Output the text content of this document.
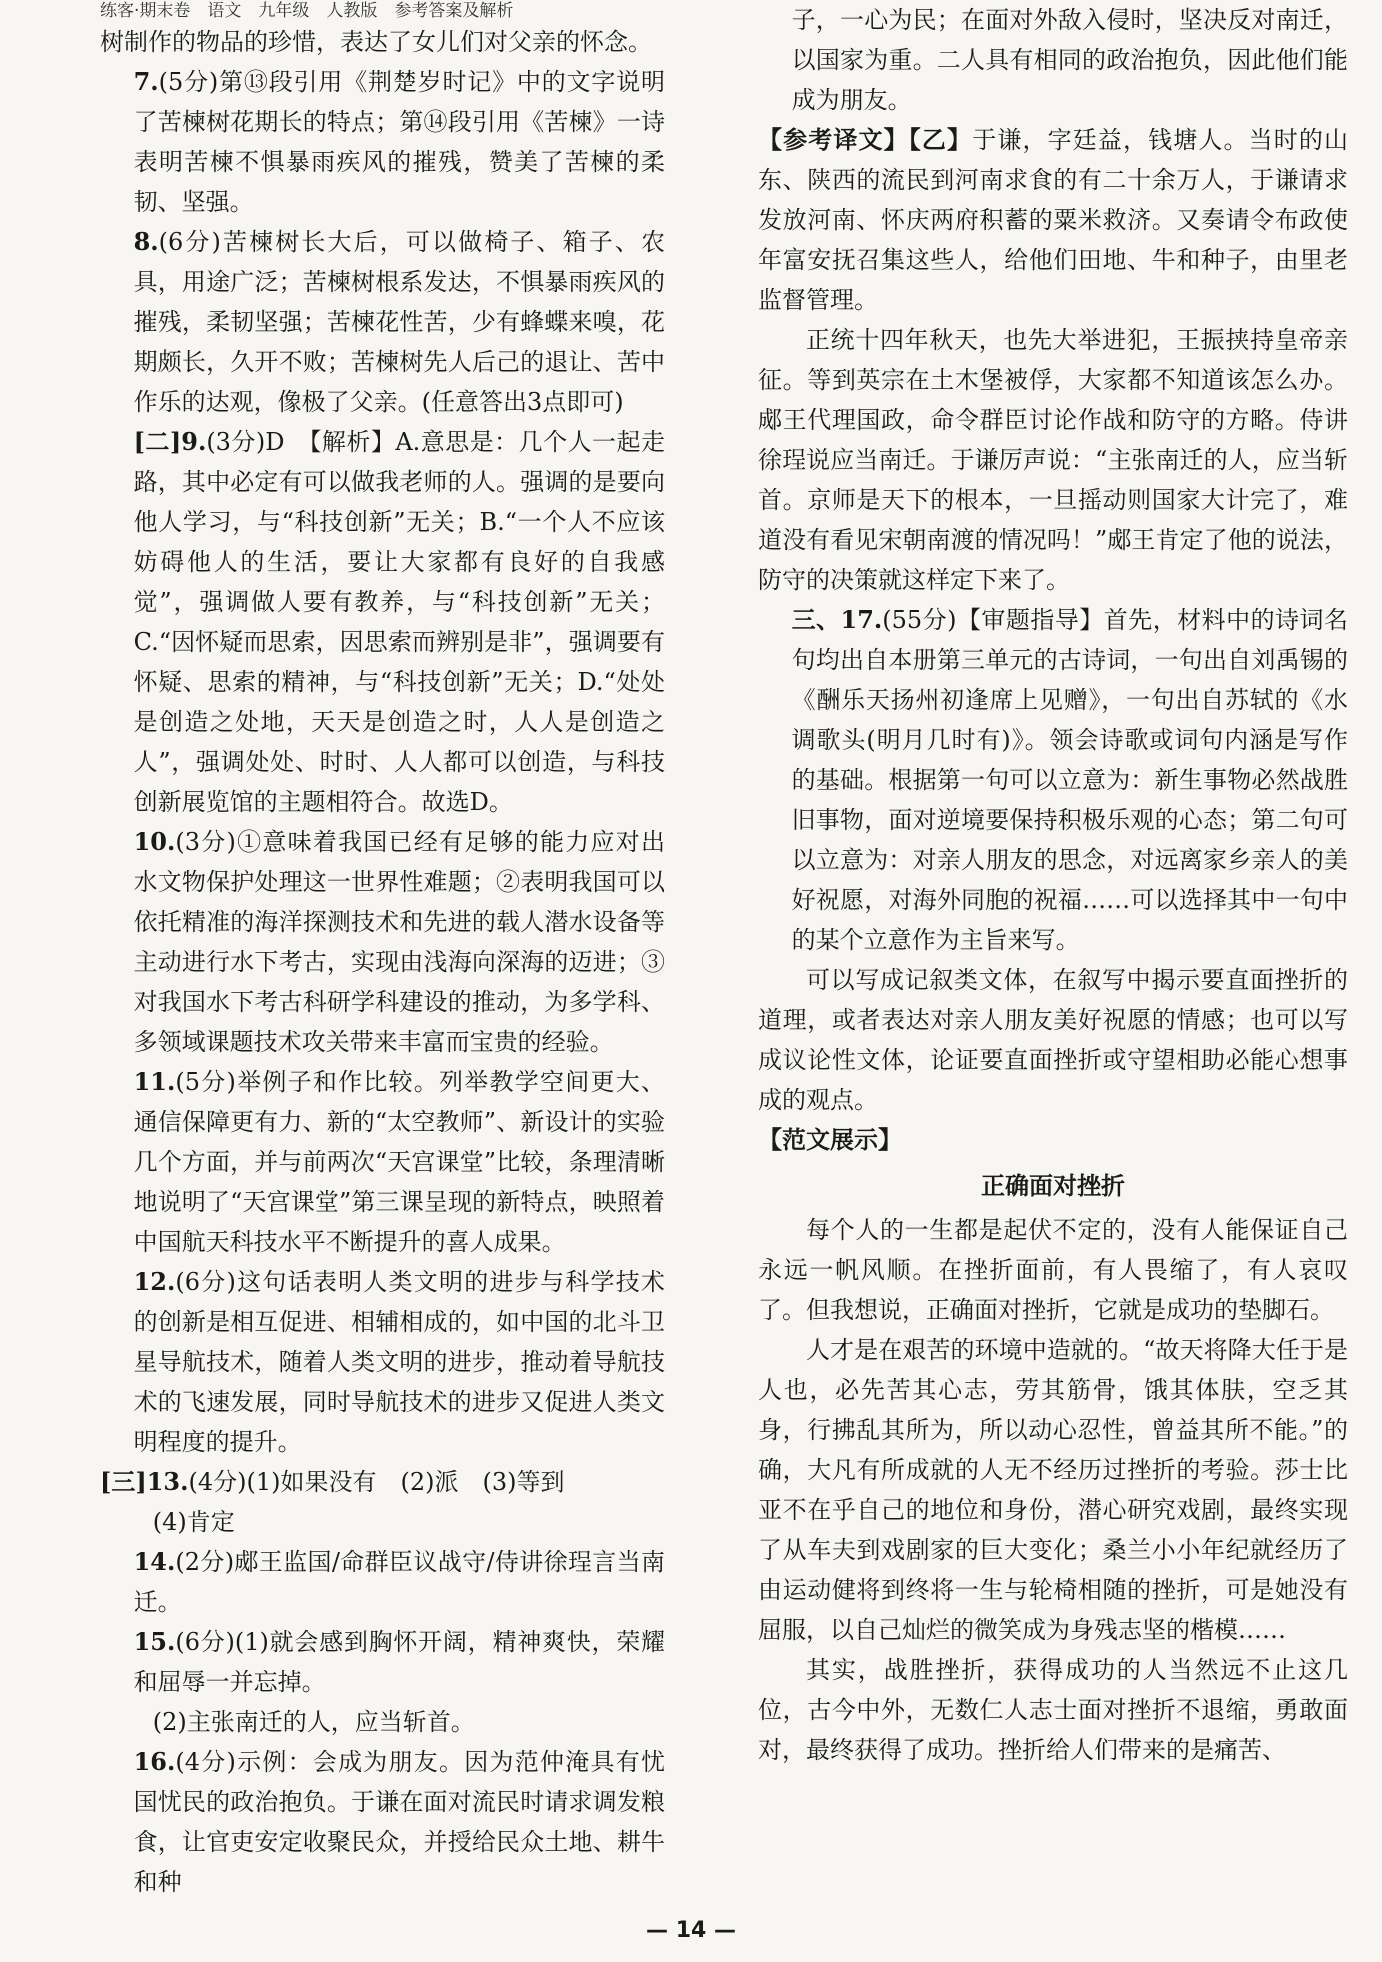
练客·期末卷　语文　九年级　人教版　参考答案及解析

树制作的物品的珍惜，表达了女儿们对父亲的怀念。

7.(5分)第⑬段引用《荆楚岁时记》中的文字说明了苦楝树花期长的特点；第⑭段引用《苦楝》一诗表明苦楝不惧暴雨疾风的摧残，赞美了苦楝的柔韧、坚强。

8.(6分)苦楝树长大后，可以做椅子、箱子、农具，用途广泛；苦楝树根系发达，不惧暴雨疾风的摧残，柔韧坚强；苦楝花性苦，少有蜂蝶来嗅，花期颇长，久开不败；苦楝树先人后己的退让、苦中作乐的达观，像极了父亲。(任意答出3点即可)

[二]9.(3分)D　【解析】A.意思是：几个人一起走路，其中必定有可以做我老师的人。强调的是要向他人学习，与“科技创新”无关；B.“一个人不应该妨碍他人的生活，要让大家都有良好的自我感觉”，强调做人要有教养，与“科技创新”无关；C.“因怀疑而思索，因思索而辨别是非”，强调要有怀疑、思索的精神，与“科技创新”无关；D.“处处是创造之处地，天天是创造之时，人人是创造之人”，强调处处、时时、人人都可以创造，与科技创新展览馆的主题相符合。故选D。

10.(3分)①意味着我国已经有足够的能力应对出水文物保护处理这一世界性难题；②表明我国可以依托精准的海洋探测技术和先进的载人潜水设备等主动进行水下考古，实现由浅海向深海的迈进；③对我国水下考古科研学科建设的推动，为多学科、多领域课题技术攻关带来丰富而宝贵的经验。

11.(5分)举例子和作比较。列举教学空间更大、通信保障更有力、新的“太空教师”、新设计的实验几个方面，并与前两次“天宫课堂”比较，条理清晰地说明了“天宫课堂”第三课呈现的新特点，映照着中国航天科技水平不断提升的喜人成果。

12.(6分)这句话表明人类文明的进步与科学技术的创新是相互促进、相辅相成的，如中国的北斗卫星导航技术，随着人类文明的进步，推动着导航技术的飞速发展，同时导航技术的进步又促进人类文明程度的提升。

[三]13.(4分)(1)如果没有　(2)派　(3)等到

(4)肯定

14.(2分)郕王监国/命群臣议战守/侍讲徐珵言当南迁。

15.(6分)(1)就会感到胸怀开阔，精神爽快，荣耀和屈辱一并忘掉。

(2)主张南迁的人，应当斩首。

16.(4分)示例：会成为朋友。因为范仲淹具有忧国忧民的政治抱负。于谦在面对流民时请求调发粮食，让官吏安定收聚民众，并授给民众土地、耕牛和种

子，一心为民；在面对外敌入侵时，坚决反对南迁，以国家为重。二人具有相同的政治抱负，因此他们能成为朋友。

【参考译文】【乙】于谦，字廷益，钱塘人。当时的山东、陕西的流民到河南求食的有二十余万人，于谦请求发放河南、怀庆两府积蓄的粟米救济。又奏请令布政使年富安抚召集这些人，给他们田地、牛和种子，由里老监督管理。

正统十四年秋天，也先大举进犯，王振挟持皇帝亲征。等到英宗在土木堡被俘，大家都不知道该怎么办。郕王代理国政，命令群臣讨论作战和防守的方略。侍讲徐珵说应当南迁。于谦厉声说：“主张南迁的人，应当斩首。京师是天下的根本，一旦摇动则国家大计完了，难道没有看见宋朝南渡的情况吗！”郕王肯定了他的说法，防守的决策就这样定下来了。

三、17.(55分)【审题指导】首先，材料中的诗词名句均出自本册第三单元的古诗词，一句出自刘禹锡的《酬乐天扬州初逢席上见赠》，一句出自苏轼的《水调歌头(明月几时有)》。领会诗歌或词句内涵是写作的基础。根据第一句可以立意为：新生事物必然战胜旧事物，面对逆境要保持积极乐观的心态；第二句可以立意为：对亲人朋友的思念，对远离家乡亲人的美好祝愿，对海外同胞的祝福……可以选择其中一句中的某个立意作为主旨来写。

可以写成记叙类文体，在叙写中揭示要直面挫折的道理，或者表达对亲人朋友美好祝愿的情感；也可以写成议论性文体，论证要直面挫折或守望相助必能心想事成的观点。

【范文展示】

正确面对挫折

每个人的一生都是起伏不定的，没有人能保证自己永远一帆风顺。在挫折面前，有人畏缩了，有人哀叹了。但我想说，正确面对挫折，它就是成功的垫脚石。

人才是在艰苦的环境中造就的。“故天将降大任于是人也，必先苦其心志，劳其筋骨，饿其体肤，空乏其身，行拂乱其所为，所以动心忍性，曾益其所不能。”的确，大凡有所成就的人无不经历过挫折的考验。莎士比亚不在乎自己的地位和身份，潜心研究戏剧，最终实现了从车夫到戏剧家的巨大变化；桑兰小小年纪就经历了由运动健将到终将一生与轮椅相随的挫折，可是她没有屈服，以自己灿烂的微笑成为身残志坚的楷模……

其实，战胜挫折，获得成功的人当然远不止这几位，古今中外，无数仁人志士面对挫折不退缩，勇敢面对，最终获得了成功。挫折给人们带来的是痛苦、

— 14 —
